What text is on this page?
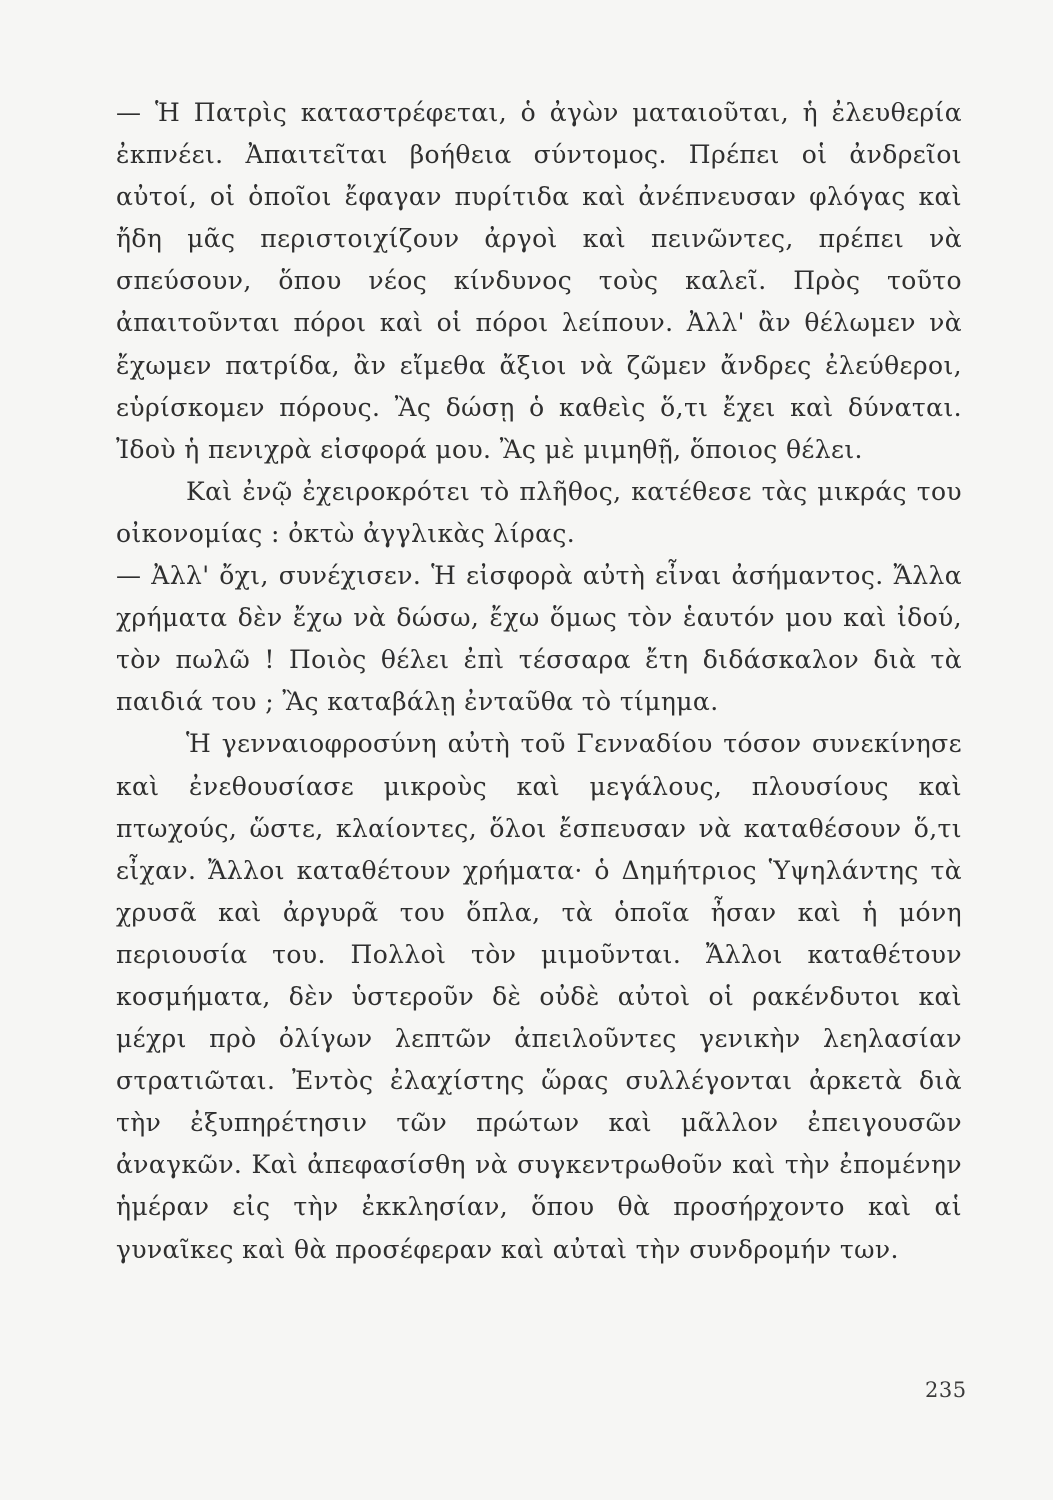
— Ἡ Πατρὶς καταστρέφεται, ὁ ἀγὼν ματαιοῦται, ἡ ἐλευθερία ἐκπνέει. Ἀπαιτεῖται βοήθεια σύντομος. Πρέπει οἱ ἀνδρεῖοι αὐτοί, οἱ ὁποῖοι ἔφαγαν πυρίτιδα καὶ ἀνέπνευσαν φλόγας καὶ ἤδη μᾶς περιστοιχίζουν ἀργοὶ καὶ πεινῶντες, πρέπει νὰ σπεύσουν, ὅπου νέος κίνδυνος τοὺς καλεῖ. Πρὸς τοῦτο ἀπαιτοῦνται πόροι καὶ οἱ πόροι λείπουν. Ἀλλ' ἂν θέλωμεν νὰ ἔχωμεν πατρίδα, ἂν εἴμεθα ἄξιοι νὰ ζῶμεν ἄνδρες ἐλεύθεροι, εὑρίσκομεν πόρους. Ἂς δώσῃ ὁ καθεὶς ὅ,τι ἔχει καὶ δύναται. Ἰδοὺ ἡ πενιχρὰ εἰσφορά μου. Ἂς μὲ μιμηθῇ, ὅποιος θέλει.

Καὶ ἐνῷ ἐχειροκρότει τὸ πλῆθος, κατέθεσε τὰς μικράς του οἰκονομίας : ὀκτὼ ἀγγλικὰς λίρας.

— Ἀλλ' ὄχι, συνέχισεν. Ἡ εἰσφορὰ αὐτὴ εἶναι ἀσήμαντος. Ἄλλα χρήματα δὲν ἔχω νὰ δώσω, ἔχω ὅμως τὸν ἑαυτόν μου καὶ ἰδού, τὸν πωλῶ ! Ποιὸς θέλει ἐπὶ τέσσαρα ἔτη διδάσκαλον διὰ τὰ παιδιά του ; Ἂς καταβάλῃ ἐνταῦθα τὸ τίμημα.

Ἡ γενναιοφροσύνη αὐτὴ τοῦ Γενναδίου τόσον συνεκίνησε καὶ ἐνεθουσίασε μικροὺς καὶ μεγάλους, πλουσίους καὶ πτωχούς, ὥστε, κλαίοντες, ὅλοι ἔσπευσαν νὰ καταθέσουν ὅ,τι εἶχαν. Ἄλλοι καταθέτουν χρήματα· ὁ Δημήτριος Ὑψηλάντης τὰ χρυσᾶ καὶ ἀργυρᾶ του ὅπλα, τὰ ὁποῖα ἦσαν καὶ ἡ μόνη περιουσία του. Πολλοὶ τὸν μιμοῦνται. Ἄλλοι καταθέτουν κοσμήματα, δὲν ὑστεροῦν δὲ οὐδὲ αὐτοὶ οἱ ρακένδυτοι καὶ μέχρι πρὸ ὀλίγων λεπτῶν ἀπειλοῦντες γενικὴν λεηλασίαν στρατιῶται. Ἐντὸς ἐλαχίστης ὥρας συλλέγονται ἀρκετὰ διὰ τὴν ἐξυπηρέτησιν τῶν πρώτων καὶ μᾶλλον ἐπειγουσῶν ἀναγκῶν. Καὶ ἀπεφασίσθη νὰ συγκεντρωθοῦν καὶ τὴν ἐπομένην ἡμέραν εἰς τὴν ἐκκλησίαν, ὅπου θὰ προσήρχοντο καὶ αἱ γυναῖκες καὶ θὰ προσέφεραν καὶ αὐταὶ τὴν συνδρομήν των.

235
